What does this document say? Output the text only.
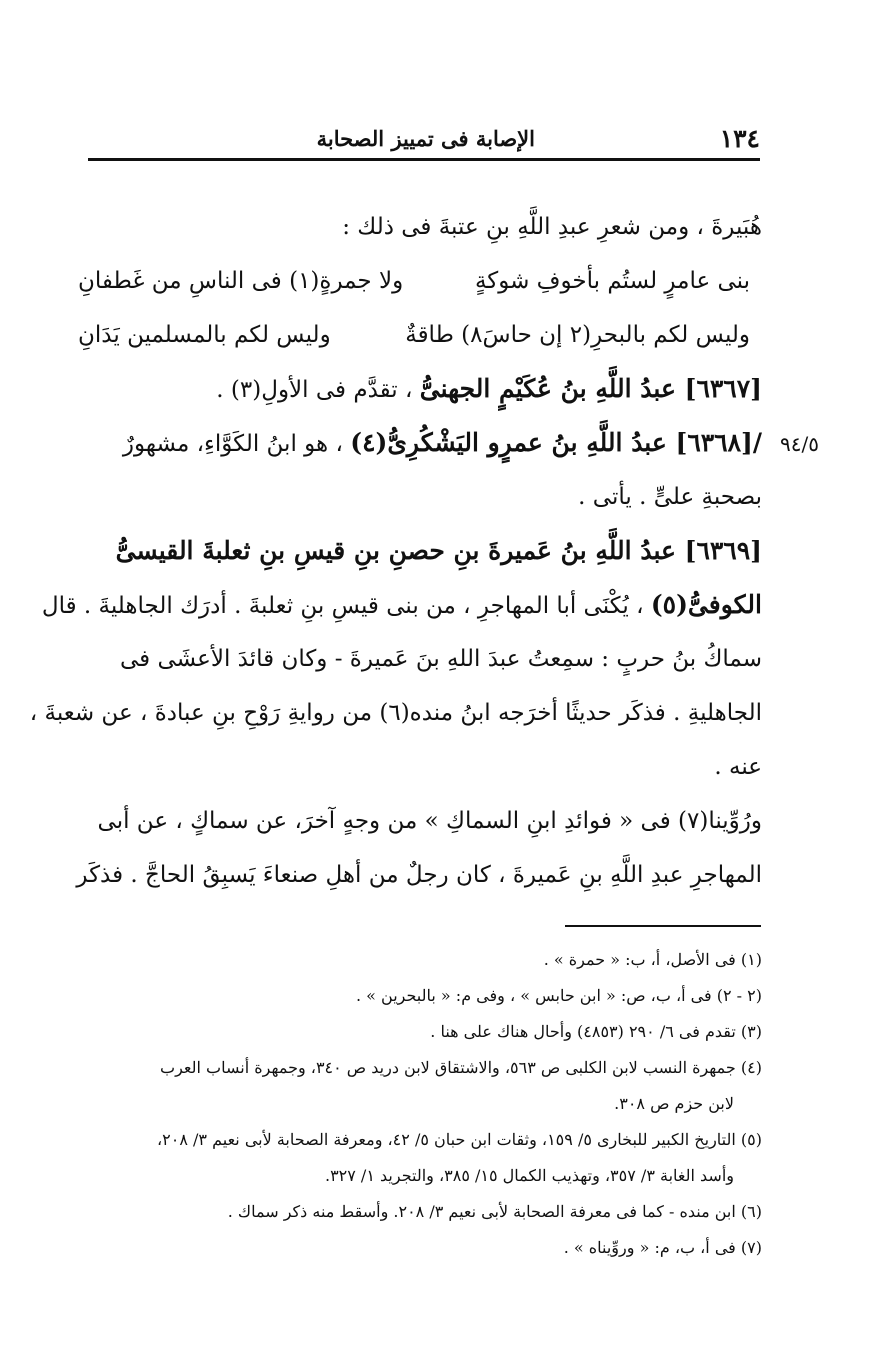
١٣٤
الإصابة فى تمييز الصحابة
٩٤/٥
هُبَيرةَ ، ومن شعرِ عبدِ اللَّهِ بنِ عتبةَ فى ذلك :
بنى عامرٍ لستُم بأخوفِ شوكةٍ
ولا جمرةٍ(١) فى الناسِ من غَطفانِ
وليس لكم بالبحرِ(٢ إن حاسَ٨) طاقةٌ
وليس لكم بالمسلمين يَدَانِ
[٦٣٦٧] عبدُ اللَّهِ بنُ عُكَيْمٍ الجهنىُّ ، تقدَّم فى الأولِ(٣) .
/[٦٣٦٨] عبدُ اللَّهِ بنُ عمرٍو اليَشْكُرِىُّ(٤) ، هو ابنُ الكَوَّاءِ، مشهورٌ
بصحبةِ علىٍّ . يأتى .
[٦٣٦٩] عبدُ اللَّهِ بنُ عَميرةَ بنِ حصنِ بنِ قيسِ بنِ ثعلبةَ القيسىُّ
الكوفىُّ(٥) ، يُكْنَى أبا المهاجرِ ، من بنى قيسِ بنِ ثعلبةَ . أدرَك الجاهليةَ . قال
سماكُ بنُ حربٍ : سمِعتُ عبدَ اللهِ بنَ عَميرةَ - وكان قائدَ الأعشَى فى
الجاهليةِ . فذكَر حديثًا أخرَجه ابنُ منده(٦) من روايةِ رَوْحِ بنِ عبادةَ ، عن شعبةَ ،
عنه .
ورُوِّينا(٧) فى « فوائدِ ابنِ السماكِ » من وجهٍ آخرَ، عن سماكٍ ، عن أبى
المهاجرِ عبدِ اللَّهِ بنِ عَميرةَ ، كان رجلٌ من أهلِ صنعاءَ يَسبِقُ الحاجَّ . فذكَر
(١) فى الأصل، أ، ب: « حمرة » .
(٢ - ٢) فى أ، ب، ص: « ابن حابس » ، وفى م: « بالبحرين » .
(٣) تقدم فى ٦/ ٢٩٠ (٤٨٥٣) وأحال هناك على هنا .
(٤) جمهرة النسب لابن الكلبى ص ٥٦٣، والاشتقاق لابن دريد ص ٣٤٠، وجمهرة أنساب العرب
لابن حزم ص ٣٠٨.
(٥) التاريخ الكبير للبخارى ٥/ ١٥٩، وثقات ابن حبان ٥/ ٤٢، ومعرفة الصحابة لأبى نعيم ٣/ ٢٠٨،
وأسد الغابة ٣/ ٣٥٧، وتهذيب الكمال ١٥/ ٣٨٥، والتجريد ١/ ٣٢٧.
(٦) ابن منده - كما فى معرفة الصحابة لأبى نعيم ٣/ ٢٠٨. وأسقط منه ذكر سماك .
(٧) فى أ، ب، م: « وروِّيناه » .
